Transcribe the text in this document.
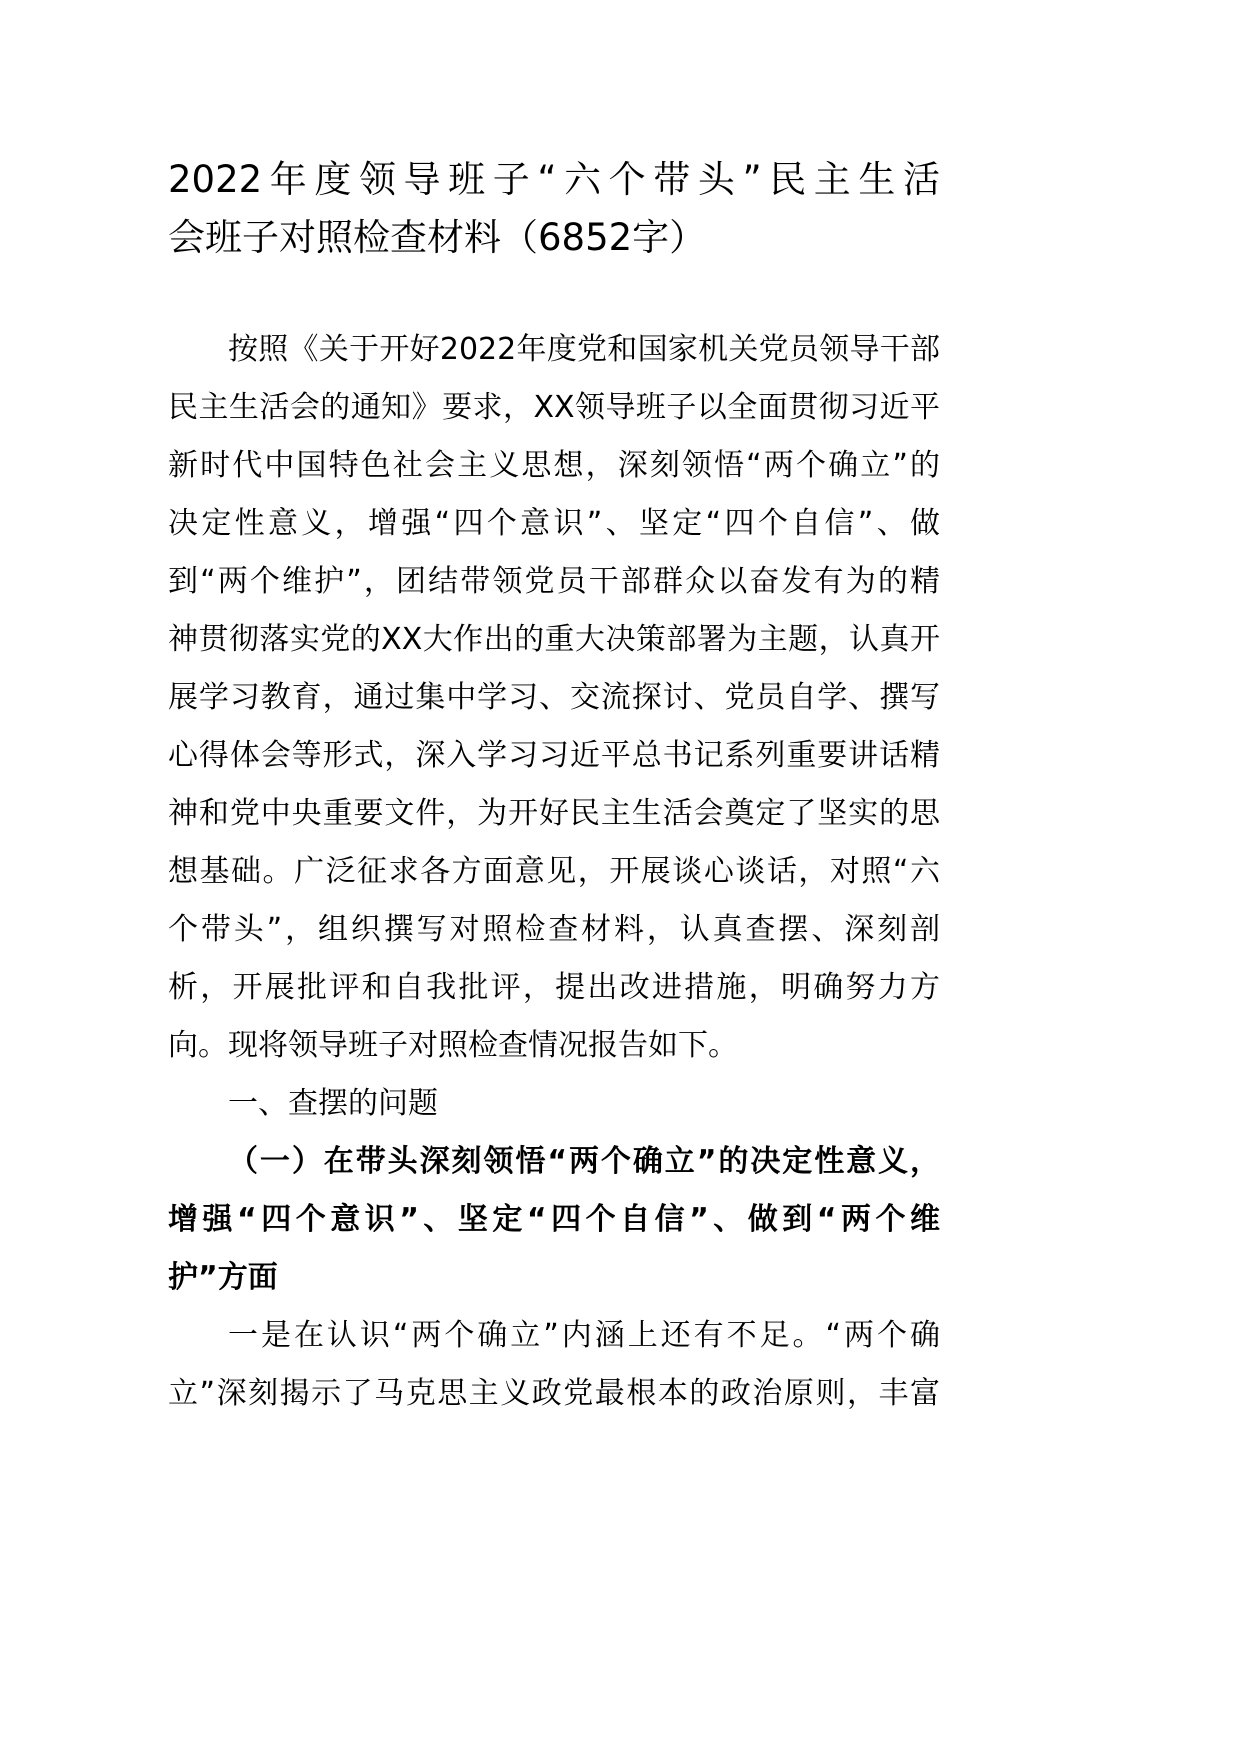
2022年度领导班子“六个带头”民主生活
会班子对照检查材料（6852字）
按照《关于开好2022年度党和国家机关党员领导干部
民主生活会的通知》要求，XX领导班子以全面贯彻习近平
新时代中国特色社会主义思想，深刻领悟“两个确立”的
决定性意义，增强“四个意识”、坚定“四个自信”、做
到“两个维护”，团结带领党员干部群众以奋发有为的精
神贯彻落实党的XX大作出的重大决策部署为主题，认真开
展学习教育，通过集中学习、交流探讨、党员自学、撰写
心得体会等形式，深入学习习近平总书记系列重要讲话精
神和党中央重要文件，为开好民主生活会奠定了坚实的思
想基础。广泛征求各方面意见，开展谈心谈话，对照“六
个带头”，组织撰写对照检查材料，认真查摆、深刻剖
析，开展批评和自我批评，提出改进措施，明确努力方
向。现将领导班子对照检查情况报告如下。
一、查摆的问题
（一）在带头深刻领悟“两个确立”的决定性意义，
增强“四个意识”、坚定“四个自信”、做到“两个维
护”方面
一是在认识“两个确立”内涵上还有不足。“两个确
立”深刻揭示了马克思主义政党最根本的政治原则，丰富
